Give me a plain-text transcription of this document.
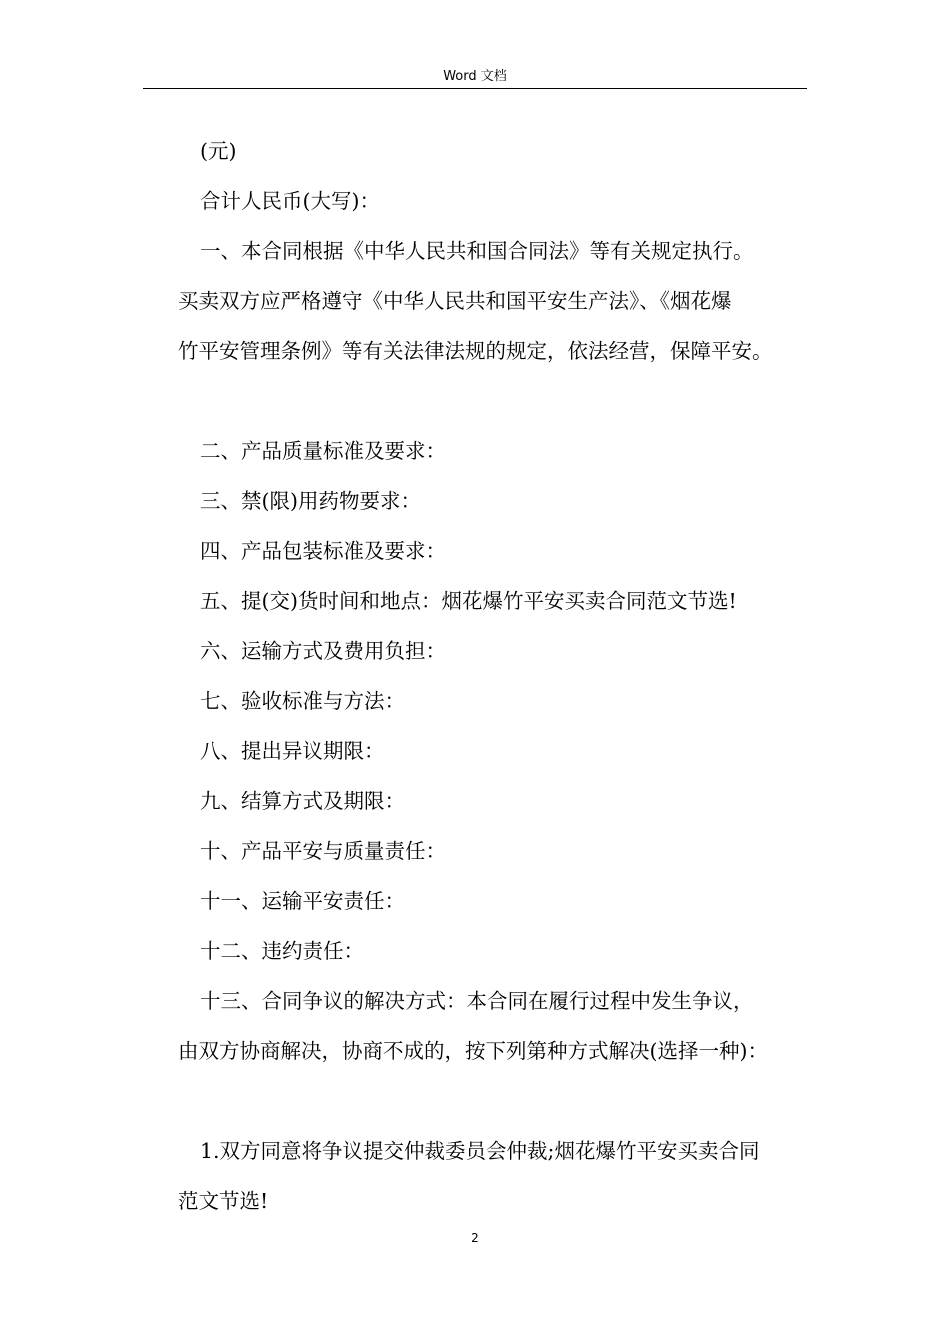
Word 文档

(元)

合计人民币(大写)：

一、本合同根据《中华人民共和国合同法》等有关规定执行。

买卖双方应严格遵守《中华人民共和国平安生产法》、《烟花爆

竹平安管理条例》等有关法律法规的规定，依法经营，保障平安。

二、产品质量标准及要求：

三、禁(限)用药物要求：

四、产品包装标准及要求：

五、提(交)货时间和地点：烟花爆竹平安买卖合同范文节选!

六、运输方式及费用负担：

七、验收标准与方法：

八、提出异议期限：

九、结算方式及期限：

十、产品平安与质量责任：

十一、运输平安责任：

十二、违约责任：

十三、合同争议的解决方式：本合同在履行过程中发生争议，

由双方协商解决，协商不成的，按下列第种方式解决(选择一种)：

1.双方同意将争议提交仲裁委员会仲裁;烟花爆竹平安买卖合同

范文节选!

2
